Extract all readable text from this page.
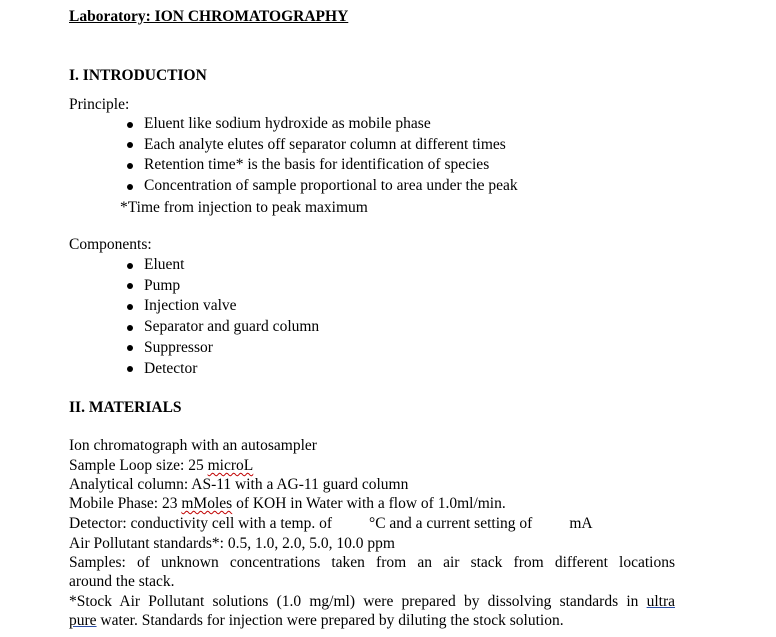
Laboratory: ION CHROMATOGRAPHY
I. INTRODUCTION
Principle:
Eluent like sodium hydroxide as mobile phase
Each analyte elutes off separator column at different times
Retention time* is the basis for identification of species
Concentration of sample proportional to area under the peak
*Time from injection to peak maximum
Components:
Eluent
Pump
Injection valve
Separator and guard column
Suppressor
Detector
II. MATERIALS
Ion chromatograph with an autosampler
Sample Loop size: 25 microL
Analytical column: AS-11 with a AG-11 guard column
Mobile Phase: 23 mMoles of KOH in Water with a flow of 1.0ml/min.
Detector: conductivity cell with a temp. of °C and a current setting of mA
Air Pollutant standards*: 0.5, 1.0, 2.0, 5.0, 10.0 ppm
Samples: of unknown concentrations taken from an air stack from different locations
around the stack.
*Stock Air Pollutant solutions (1.0 mg/ml) were prepared by dissolving standards in ultra
pure water. Standards for injection were prepared by diluting the stock solution.
